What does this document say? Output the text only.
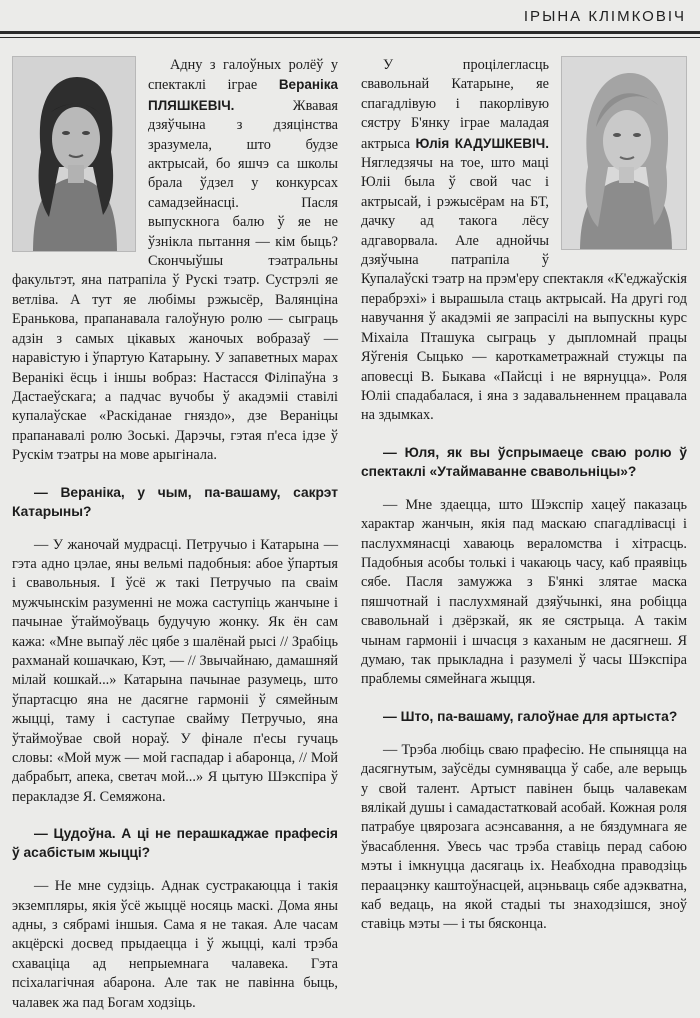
ІРЫНА КЛІМКОВІЧ

Адну з галоўных ролёў у спектаклі іграе Вераніка ПЛЯШКЕВІЧ. Жвавая дзяўчына з дзяцінства зразумела, што будзе актрысай, бо яшчэ са школы брала ўдзел у конкурсах самадзейнасці. Пасля выпускнога балю ў яе не ўзнікла пытання — кім быць? Скончыўшы тэатральны факультэт, яна патрапіла ў Рускі тэатр. Сустрэлі яе ветліва. А тут яе любімы рэжысёр, Валянціна Ераньковa, прапанавала галоўную ролю — сыграць адзін з самых цікавых жаночых вобразаў — наравістую і ўпартую Катарыну. У запаветных марах Веранікі ёсць і іншы вобраз: Настасся Філіпаўна з Дастаеўскага; а падчас вучобы ў акадэміі ставілі купалаўскае «Раскіданае гняздо», дзе Вераніцы прапанавалі ролю Зоські. Дарэчы, гэтая п'еса ідзе ў Рускім тэатры на мове арыгінала.

— Вераніка, у чым, па-вашаму, сакрэт Катарыны?

— У жаночай мудрасці. Петручыо і Катарына — гэта адно цэлае, яны вельмі падобныя: абое ўпартыя і свавольныя. І ўсё ж такі Петручыо па сваім мужчынскім разуменні не можа саступіць жанчыне і пачынае ўтаймоўваць будучую жонку. Як ён сам кажа: «Мне выпаў лёс цябе з шалёнай рысі // Зрабіць рахманай кошачкаю, Кэт, — // Звычайнаю, дамашняй мілай кошкай...» Катарына пачынае разумець, што ўпартасцю яна не дасягне гармоніі ў сямейным жыцці, таму і саступае свайму Петручыо, яна ўтаймоўвае свой нораў. У фінале п'есы гучаць словы: «Мой муж — мой гаспадар і абаронца, // Мой дабрабыт, апека, светач мой...» Я цытую Шэкспіра ў перакладзе Я. Семяжона.

— Цудоўна. А ці не перашкаджае прафесія ў асабістым жыцці?

— Не мне судзіць. Аднак сустракаюцца і такія экземпляры, якія ўсё жыццё носяць маскі. Дома яны адны, з сябрамі іншыя. Сама я не такая. Але часам акцёрскі досвед прыдаецца і ў жыцці, калі трэба схаваціца ад непрыемнага чалавека. Гэта псіхалагічная абарона. Але так не павінна быць, чалавек жа пад Богам ходзіць.

У процілегласць свавольнай Катарыне, яе спагадлівую і пакорлівую сястру Б'янку іграе маладая актрыса Юлія КАДУШКЕВІЧ. Нягледзячы на тое, што маці Юліі была ў свой час і актрысай, і рэжысёрам на БТ, дачку ад такога лёсу адгаворвала. Але аднойчы дзяўчына патрапіла ў Купалаўскі тэатр на прэм'еру спектакля «К'еджаўскія перабрэхі» і вырашыла стаць актрысай. На другі год навучання ў акадэміі яе запрасілі на выпускны курс Міхаіла Пташука сыграць у дыпломнай працы Яўгенія Сыцько — кароткаметражнай стужцы па аповесці В. Быкава «Пайсці і не вярнуцца». Роля Юліі спадабалася, і яна з задавальненнем працавала на здымках.

— Юля, як вы ўспрымаеце сваю ролю ў спектаклі «Утаймаванне свавольніцы»?

— Мне здаецца, што Шэкспір хацеў паказаць характар жанчын, якія пад маскаю спагадлівасці і паслухмянасці хаваюць вераломства і хітрасць. Падобныя асобы толькі і чакаюць часу, каб праявіць сябе. Пасля замужжа з Б'янкі злятае маска пяшчотнай і паслухмянай дзяўчынкі, яна робіцца свавольнай і дзёрзкай, як яе сястрыца. А такім чынам гармоніі і шчасця з каханым не дасягнеш. Я думаю, так прыкладна і разумелі ў часы Шэкспіра праблемы сямейнага жыцця.

— Што, па-вашаму, галоўнае для артыста?

— Трэба любіць сваю прафесію. Не спыняцца на дасягнутым, заўсёды сумнявацца ў сабе, але верыць у свой талент. Артыст павінен быць чалавекам вялікай душы і самадастатковай асобай. Кожная роля патрабуе цвярозага асэнсавання, а не бяздумнага яе ўвасаблення. Увесь час трэба ставіць перад сабою мэты і імкнуцца дасягаць іх. Неабходна праводзіць пераацэнку каштоўнасцей, ацэньваць сябе адэкватна, каб ведаць, на якой стадыі ты знаходзішся, зноў ставіць мэты — і ты бясконца.
